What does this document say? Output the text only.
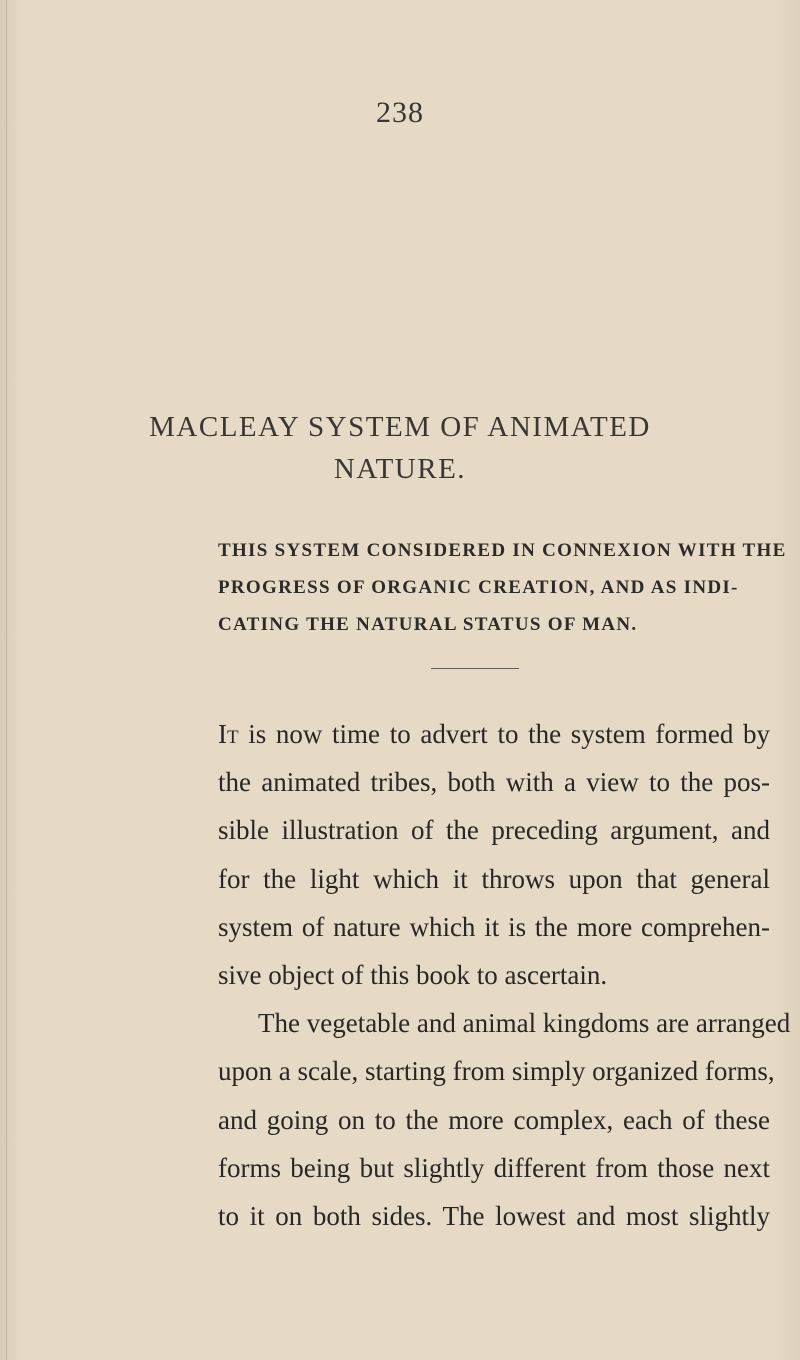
238
MACLEAY SYSTEM OF ANIMATED
NATURE.
THIS SYSTEM CONSIDERED IN CONNEXION WITH THE
PROGRESS OF ORGANIC CREATION, AND AS INDI-
CATING THE NATURAL STATUS OF MAN.
It is now time to advert to the system formed by
the animated tribes, both with a view to the pos-
sible illustration of the preceding argument, and
for the light which it throws upon that general
system of nature which it is the more comprehen-
sive object of this book to ascertain.
The vegetable and animal kingdoms are arranged
upon a scale, starting from simply organized forms,
and going on to the more complex, each of these
forms being but slightly different from those next
to it on both sides. The lowest and most slightly
